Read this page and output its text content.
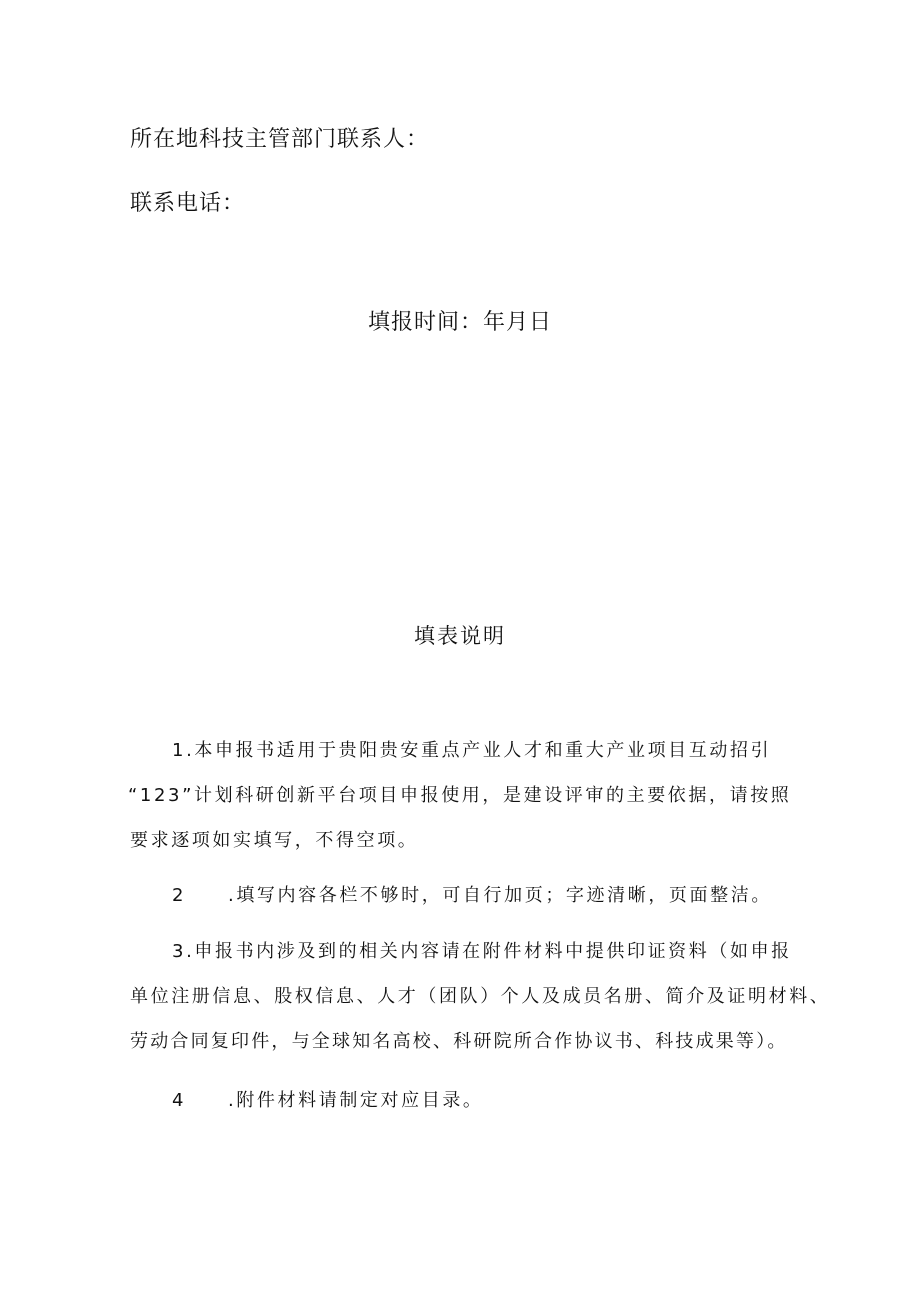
所在地科技主管部门联系人：

联系电话：

填报时间：年月日

填表说明

1.本申报书适用于贵阳贵安重点产业人才和重大产业项目互动招引

“123”计划科研创新平台项目申报使用，是建设评审的主要依据，请按照

要求逐项如实填写，不得空项。

2 .填写内容各栏不够时，可自行加页；字迹清晰，页面整洁。

3.申报书内涉及到的相关内容请在附件材料中提供印证资料（如申报

单位注册信息、股权信息、人才（团队）个人及成员名册、简介及证明材料、

劳动合同复印件，与全球知名高校、科研院所合作协议书、科技成果等）。

4 .附件材料请制定对应目录。
